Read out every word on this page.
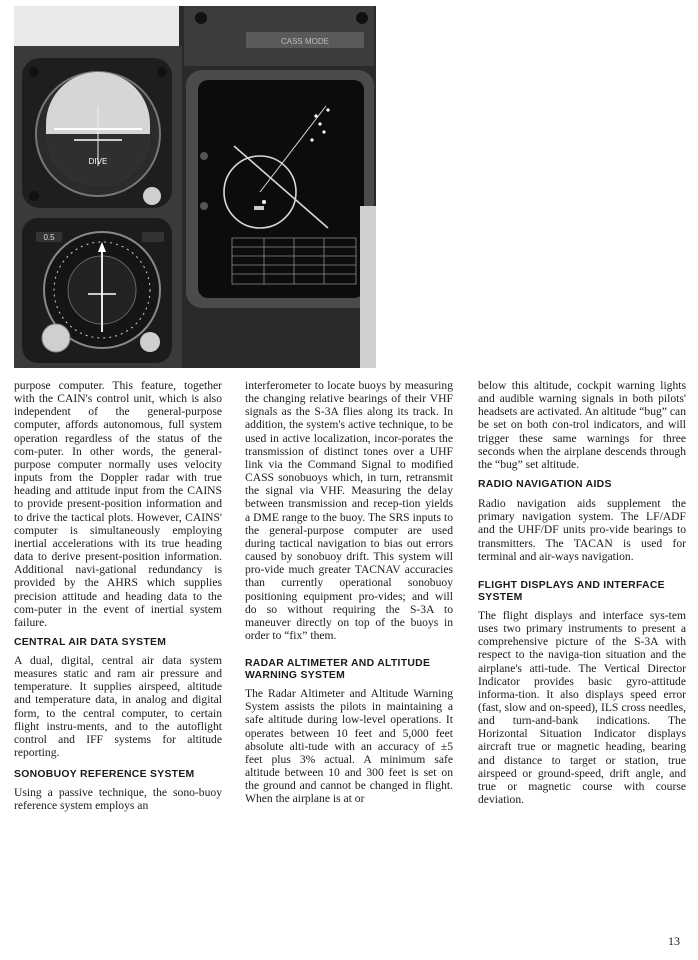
CASS MODE
DIVE
0.5

purpose computer. This feature, together with the CAIN's control unit, which is also independent of the general-purpose computer, affords autonomous, full system operation regardless of the status of the com-puter. In other words, the general-purpose computer normally uses velocity inputs from the Doppler radar with true heading and attitude input from the CAINS to provide present-position information and to drive the tactical plots. However, CAINS' computer is simultaneously employing inertial accelerations with its true heading data to derive present-position information. Additional navi-gational redundancy is provided by the AHRS which supplies precision attitude and heading data to the com-puter in the event of inertial system failure.

CENTRAL AIR DATA SYSTEM

A dual, digital, central air data system measures static and ram air pressure and temperature. It supplies airspeed, altitude and temperature data, in analog and digital form, to the central computer, to certain flight instru-ments, and to the autoflight control and IFF systems for altitude reporting.

SONOBUOY REFERENCE SYSTEM

Using a passive technique, the sono-buoy reference system employs an

interferometer to locate buoys by measuring the changing relative bearings of their VHF signals as the S-3A flies along its track. In addition, the system's active technique, to be used in active localization, incor-porates the transmission of distinct tones over a UHF link via the Command Signal to modified CASS sonobuoys which, in turn, retransmit the signal via VHF. Measuring the delay between transmission and recep-tion yields a DME range to the buoy. The SRS inputs to the general-purpose computer are used during tactical navigation to bias out errors caused by sonobuoy drift. This system will pro-vide much greater TACNAV accuracies than currently operational sonobuoy positioning equipment pro-vides; and will do so without requiring the S-3A to maneuver directly on top of the buoys in order to “fix” them.

RADAR ALTIMETER AND ALTITUDE WARNING SYSTEM

The Radar Altimeter and Altitude Warning System assists the pilots in maintaining a safe altitude during low-level operations. It operates between 10 feet and 5,000 feet absolute alti-tude with an accuracy of ±5 feet plus 3% actual. A minimum safe altitude between 10 and 300 feet is set on the ground and cannot be changed in flight. When the airplane is at or

below this altitude, cockpit warning lights and audible warning signals in both pilots' headsets are activated. An altitude “bug” can be set on both con-trol indicators, and will trigger these same warnings for three seconds when the airplane descends through the “bug” set altitude.

RADIO NAVIGATION AIDS

Radio navigation aids supplement the primary navigation system. The LF/ADF and the UHF/DF units pro-vide bearings to transmitters. The TACAN is used for terminal and air-ways navigation.

FLIGHT DISPLAYS AND INTERFACE SYSTEM

The flight displays and interface sys-tem uses two primary instruments to present a comprehensive picture of the S-3A with respect to the naviga-tion situation and the airplane's atti-tude. The Vertical Director Indicator provides basic gyro-attitude informa-tion. It also displays speed error (fast, slow and on-speed), ILS cross needles, and turn-and-bank indications. The Horizontal Situation Indicator displays aircraft true or magnetic heading, bearing and distance to target or station, true airspeed or ground-speed, drift angle, and true or magnetic course with course deviation.

13
